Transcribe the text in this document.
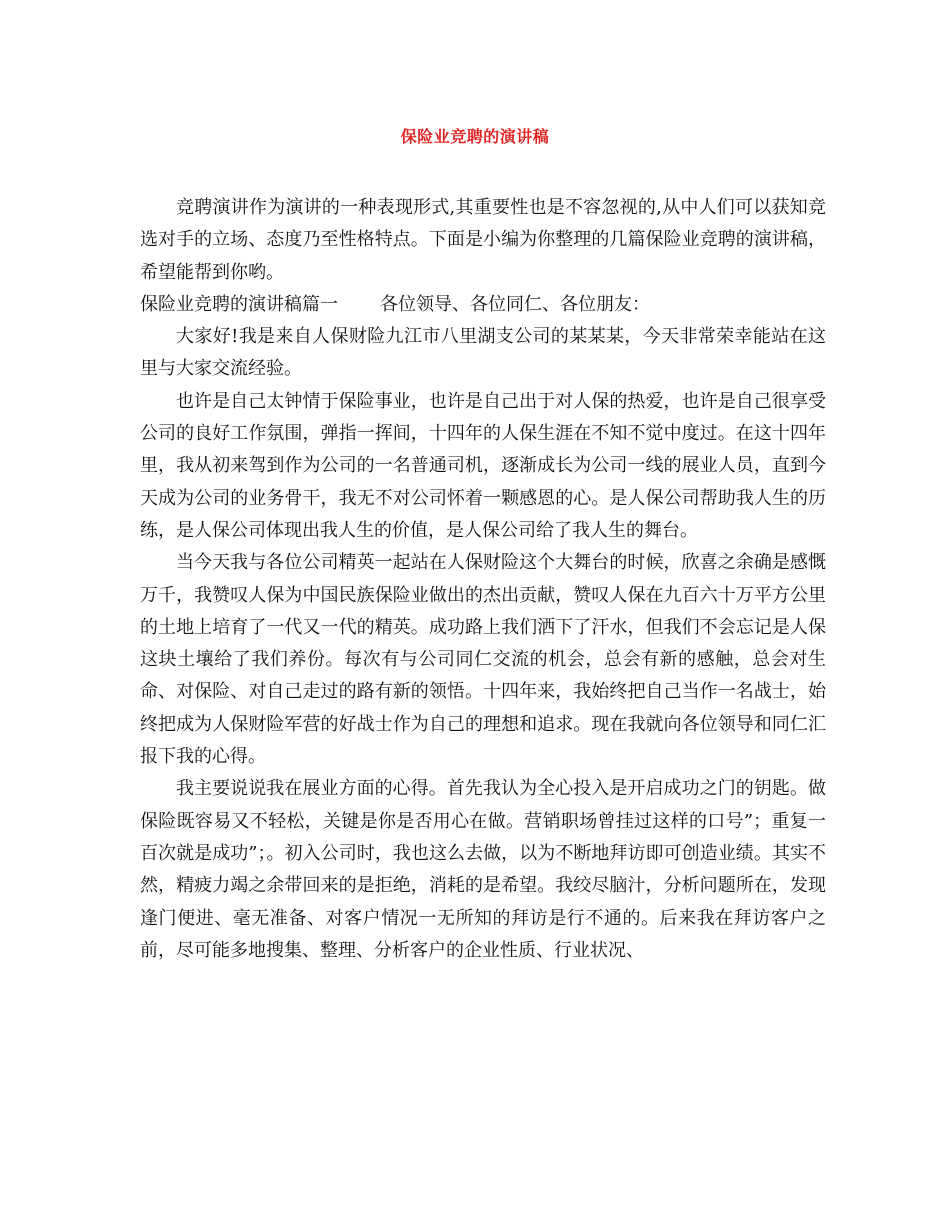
保险业竞聘的演讲稿

竞聘演讲作为演讲的一种表现形式,其重要性也是不容忽视的,从中人们可以获知竞选对手的立场、态度乃至性格特点。下面是小编为你整理的几篇保险业竞聘的演讲稿，希望能帮到你哟。

保险业竞聘的演讲稿篇一 各位领导、各位同仁、各位朋友：

大家好!我是来自人保财险九江市八里湖支公司的某某某，今天非常荣幸能站在这里与大家交流经验。

也许是自己太钟情于保险事业，也许是自己出于对人保的热爱，也许是自己很享受公司的良好工作氛围，弹指一挥间，十四年的人保生涯在不知不觉中度过。在这十四年里，我从初来驾到作为公司的一名普通司机，逐渐成长为公司一线的展业人员，直到今天成为公司的业务骨干，我无不对公司怀着一颗感恩的心。是人保公司帮助我人生的历练，是人保公司体现出我人生的价值，是人保公司给了我人生的舞台。

当今天我与各位公司精英一起站在人保财险这个大舞台的时候，欣喜之余确是感慨万千，我赞叹人保为中国民族保险业做出的杰出贡献，赞叹人保在九百六十万平方公里的土地上培育了一代又一代的精英。成功路上我们洒下了汗水，但我们不会忘记是人保这块土壤给了我们养份。每次有与公司同仁交流的机会，总会有新的感触，总会对生命、对保险、对自己走过的路有新的领悟。十四年来，我始终把自己当作一名战士，始终把成为人保财险军营的好战士作为自己的理想和追求。现在我就向各位领导和同仁汇报下我的心得。

我主要说说我在展业方面的心得。首先我认为全心投入是开启成功之门的钥匙。做保险既容易又不轻松，关键是你是否用心在做。营销职场曾挂过这样的口号”；重复一百次就是成功”；。初入公司时，我也这么去做，以为不断地拜访即可创造业绩。其实不然，精疲力竭之余带回来的是拒绝，消耗的是希望。我绞尽脑汁，分析问题所在，发现逢门便进、毫无准备、对客户情况一无所知的拜访是行不通的。后来我在拜访客户之前，尽可能多地搜集、整理、分析客户的企业性质、行业状况、
